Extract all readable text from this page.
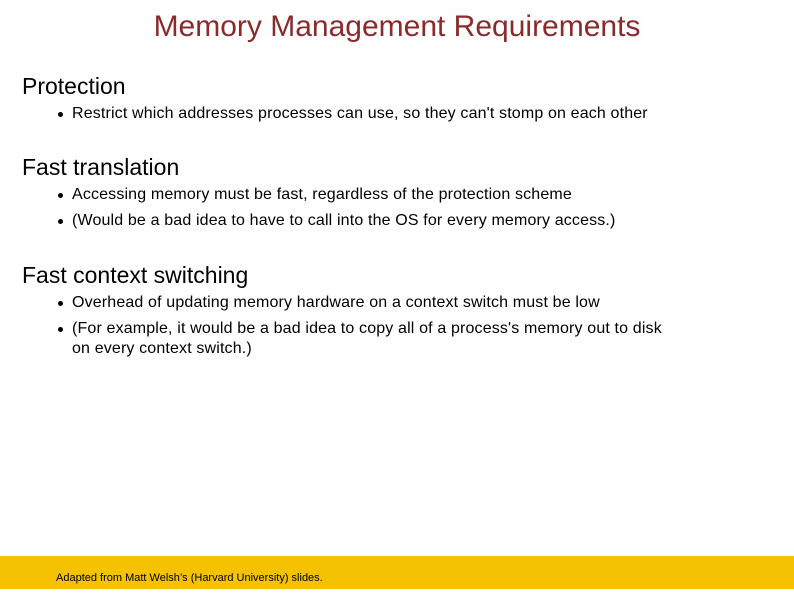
Memory Management Requirements
Protection
Restrict which addresses processes can use, so they can't stomp on each other
Fast translation
Accessing memory must be fast, regardless of the protection scheme
(Would be a bad idea to have to call into the OS for every memory access.)
Fast context switching
Overhead of updating memory hardware on a context switch must be low
(For example, it would be a bad idea to copy all of a process's memory out to disk on every context switch.)
Adapted from Matt Welsh’s (Harvard University) slides.
